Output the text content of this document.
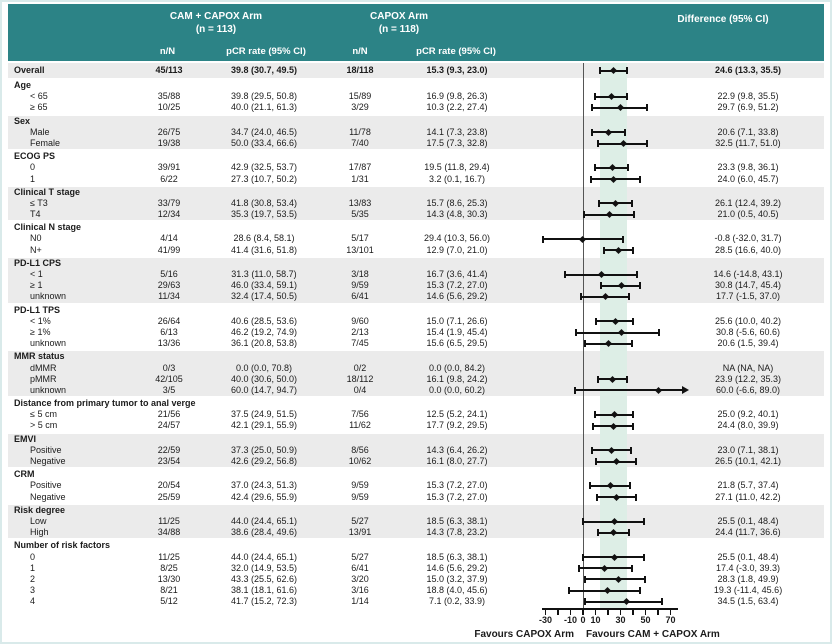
CAM + CAPOX Arm
(n = 113)
CAPOX Arm
(n = 118)
Difference (95% CI)
n/N	pCR rate (95% CI)	n/N	pCR rate (95% CI)
Overall	45/113	39.8 (30.7, 49.5)	18/118	15.3 (9.3, 23.0)	24.6 (13.3, 35.5)
Age
< 65	35/88	39.8 (29.5, 50.8)	15/89	16.9 (9.8, 26.3)	22.9 (9.8, 35.5)
≥ 65	10/25	40.0 (21.1, 61.3)	3/29	10.3 (2.2, 27.4)	29.7 (6.9, 51.2)
Sex
Male	26/75	34.7 (24.0, 46.5)	11/78	14.1 (7.3, 23.8)	20.6 (7.1, 33.8)
Female	19/38	50.0 (33.4, 66.6)	7/40	17.5 (7.3, 32.8)	32.5 (11.7, 51.0)
ECOG PS
0	39/91	42.9 (32.5, 53.7)	17/87	19.5 (11.8, 29.4)	23.3 (9.8, 36.1)
1	6/22	27.3 (10.7, 50.2)	1/31	3.2 (0.1, 16.7)	24.0 (6.0, 45.7)
Clinical T stage
≤ T3	33/79	41.8 (30.8, 53.4)	13/83	15.7 (8.6, 25.3)	26.1 (12.4, 39.2)
T4	12/34	35.3 (19.7, 53.5)	5/35	14.3 (4.8, 30.3)	21.0 (0.5, 40.5)
Clinical N stage
N0	4/14	28.6 (8.4, 58.1)	5/17	29.4 (10.3, 56.0)	-0.8 (-32.0, 31.7)
N+	41/99	41.4 (31.6, 51.8)	13/101	12.9 (7.0, 21.0)	28.5 (16.6, 40.0)
PD-L1 CPS
< 1	5/16	31.3 (11.0, 58.7)	3/18	16.7 (3.6, 41.4)	14.6 (-14.8, 43.1)
≥ 1	29/63	46.0 (33.4, 59.1)	9/59	15.3 (7.2, 27.0)	30.8 (14.7, 45.4)
unknown	11/34	32.4 (17.4, 50.5)	6/41	14.6 (5.6, 29.2)	17.7 (-1.5, 37.0)
PD-L1 TPS
< 1%	26/64	40.6 (28.5, 53.6)	9/60	15.0 (7.1, 26.6)	25.6 (10.0, 40.2)
≥ 1%	6/13	46.2 (19.2, 74.9)	2/13	15.4 (1.9, 45.4)	30.8 (-5.6, 60.6)
unknown	13/36	36.1 (20.8, 53.8)	7/45	15.6 (6.5, 29.5)	20.6 (1.5, 39.4)
MMR status
dMMR	0/3	0.0 (0.0, 70.8)	0/2	0.0 (0.0, 84.2)	NA (NA, NA)
pMMR	42/105	40.0 (30.6, 50.0)	18/112	16.1 (9.8, 24.2)	23.9 (12.2, 35.3)
unknown	3/5	60.0 (14.7, 94.7)	0/4	0.0 (0.0, 60.2)	60.0 (-6.6, 89.0)
Distance from primary tumor to anal verge
≤ 5 cm	21/56	37.5 (24.9, 51.5)	7/56	12.5 (5.2, 24.1)	25.0 (9.2, 40.1)
> 5 cm	24/57	42.1 (29.1, 55.9)	11/62	17.7 (9.2, 29.5)	24.4 (8.0, 39.9)
EMVI
Positive	22/59	37.3 (25.0, 50.9)	8/56	14.3 (6.4, 26.2)	23.0 (7.1, 38.1)
Negative	23/54	42.6 (29.2, 56.8)	10/62	16.1 (8.0, 27.7)	26.5 (10.1, 42.1)
CRM
Positive	20/54	37.0 (24.3, 51.3)	9/59	15.3 (7.2, 27.0)	21.8 (5.7, 37.4)
Negative	25/59	42.4 (29.6, 55.9)	9/59	15.3 (7.2, 27.0)	27.1 (11.0, 42.2)
Risk degree
Low	11/25	44.0 (24.4, 65.1)	5/27	18.5 (6.3, 38.1)	25.5 (0.1, 48.4)
High	34/88	38.6 (28.4, 49.6)	13/91	14.3 (7.8, 23.2)	24.4 (11.7, 36.6)
Number of risk factors
0	11/25	44.0 (24.4, 65.1)	5/27	18.5 (6.3, 38.1)	25.5 (0.1, 48.4)
1	8/25	32.0 (14.9, 53.5)	6/41	14.6 (5.6, 29.2)	17.4 (-3.0, 39.3)
2	13/30	43.3 (25.5, 62.6)	3/20	15.0 (3.2, 37.9)	28.3 (1.8, 49.9)
3	8/21	38.1 (18.1, 61.6)	3/16	18.8 (4.0, 45.6)	19.3 (-11.4, 45.6)
4	5/12	41.7 (15.2, 72.3)	1/14	7.1 (0.2, 33.9)	34.5 (1.5, 63.4)
Favours CAPOX Arm Favours CAM + CAPOX Arm
-30	-10 0 10	30	50	70
